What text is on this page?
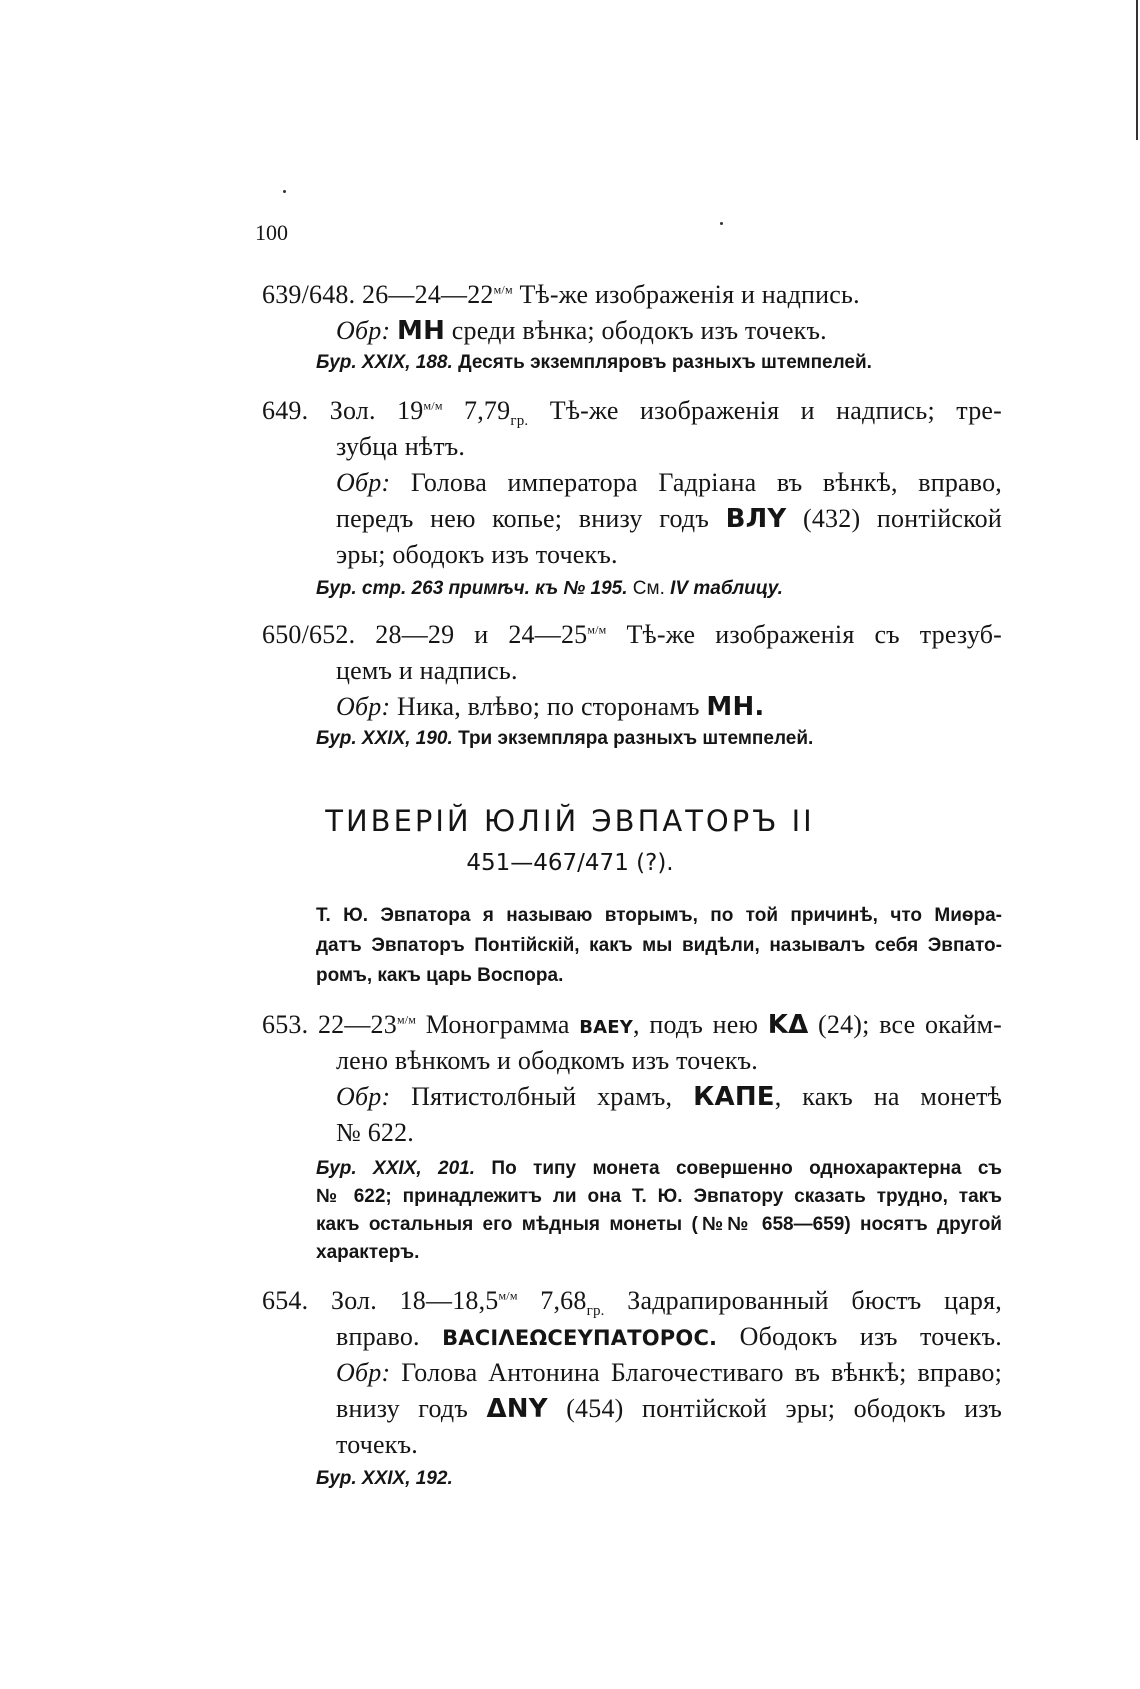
100
639/648. $26—24—22^{м/м}$ Тѣ-же изображенія и надпись.
Обр: МН среди вѣнка; ободокъ изъ точекъ.
Бур. XXIX, 188. Десять экземпляровъ разныхъ штемпелей.
649. Зол. $19^{м/м}$ $7,79_{гр.}$ Тѣ-же изображенія и надпись; тре-
зубца нѣтъ.
Обр: Голова императора Гадріана въ вѣнкѣ, вправо,
передъ нею копье; внизу годъ ВЛY (432) понтійской
эры; ободокъ изъ точекъ.
Бур. стр. 263 примѣч. къ № 195. См. IV таблицу.
650/652. 28—29 и $24—25^{м/м}$ Тѣ-же изображенія съ трезуб-
цемъ и надпись.
Обр: Ника, влѣво; по сторонамъ МН.
Бур. XXIX, 190. Три экземпляра разныхъ штемпелей.
ТИВЕРІЙ ЮЛІЙ ЭВПАТОРЪ II
451—467/471 (?).
Т. Ю. Эвпатора я называю вторымъ, по той причинѣ, что Миѳра-
датъ Эвпаторъ Понтійскій, какъ мы видѣли, называлъ себя Эвпато-
ромъ, какъ царь Воспора.
653. $22—23^{м/м}$ Монограмма ΒΑΕΥ, подъ нею ΚΔ (24); все окайм-
лено вѣнкомъ и ободкомъ изъ точекъ.
Обр: Пятистолбный храмъ, КАПЕ, какъ на монетѣ
№ 622.
Бур. XXIX, 201. По типу монета совершенно однохарактерна съ
№ 622; принадлежитъ ли она Т. Ю. Эвпатору сказать трудно, такъ
какъ остальныя его мѣдныя монеты (№№ 658—659) носятъ другой
характеръ.
654. Зол. $18—18,5^{м/м}$ $7,68_{гр.}$ Задрапированный бюстъ царя,
вправо. ΒΑCΙΛΕΩCΕΥΠΑΤΟΡΟC. Ободокъ изъ точекъ.
Обр: Голова Антонина Благочестиваго въ вѣнкѣ; вправо;
внизу годъ ΔΝΥ (454) понтійской эры; ободокъ изъ
точекъ.
Бур. XXIX, 192.
